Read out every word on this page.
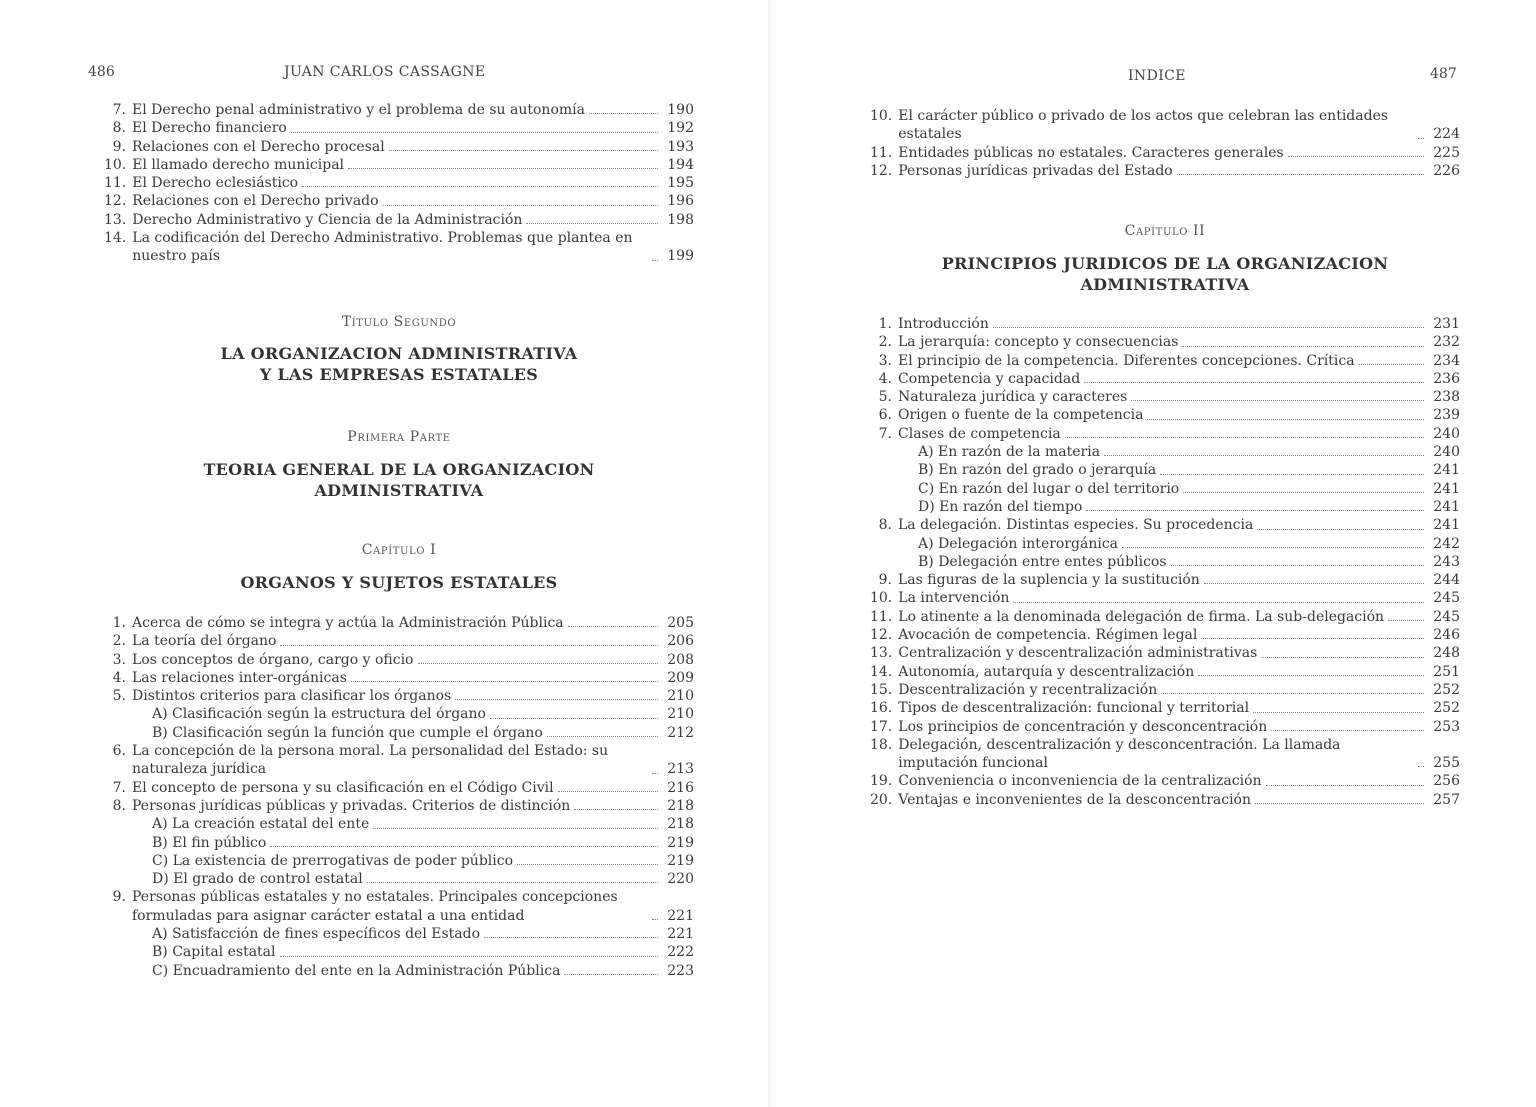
486	JUAN CARLOS CASSAGNE
7. El Derecho penal administrativo y el problema de su autonomía	190
8. El Derecho financiero	192
9. Relaciones con el Derecho procesal	193
10. El llamado derecho municipal	194
11. El Derecho eclesiástico	195
12. Relaciones con el Derecho privado	196
13. Derecho Administrativo y Ciencia de la Administración	198
14. La codificación del Derecho Administrativo. Problemas que plantea en nuestro país	199
Título Segundo
LA ORGANIZACION ADMINISTRATIVA
Y LAS EMPRESAS ESTATALES
Primera Parte
TEORIA GENERAL DE LA ORGANIZACION
ADMINISTRATIVA
Capítulo I
ORGANOS Y SUJETOS ESTATALES
1. Acerca de cómo se integra y actúa la Administración Pública	205
2. La teoría del órgano	206
3. Los conceptos de órgano, cargo y oficio	208
4. Las relaciones inter-orgánicas	209
5. Distintos criterios para clasificar los órganos	210
A) Clasificación según la estructura del órgano	210
B) Clasificación según la función que cumple el órgano	212
6. La concepción de la persona moral. La personalidad del Estado: su naturaleza jurídica	213
7. El concepto de persona y su clasificación en el Código Civil	216
8. Personas jurídicas públicas y privadas. Criterios de distinción	218
A) La creación estatal del ente	218
B) El fin público	219
C) La existencia de prerrogativas de poder público	219
D) El grado de control estatal	220
9. Personas públicas estatales y no estatales. Principales concepciones formuladas para asignar carácter estatal a una entidad	221
A) Satisfacción de fines específicos del Estado	221
B) Capital estatal	222
C) Encuadramiento del ente en la Administración Pública	223
INDICE	487
10. El carácter público o privado de los actos que celebran las entidades estatales	224
11. Entidades públicas no estatales. Caracteres generales	225
12. Personas jurídicas privadas del Estado	226
Capítulo II
PRINCIPIOS JURIDICOS DE LA ORGANIZACION
ADMINISTRATIVA
1. Introducción	231
2. La jerarquía: concepto y consecuencias	232
3. El principio de la competencia. Diferentes concepciones. Crítica	234
4. Competencia y capacidad	236
5. Naturaleza jurídica y caracteres	238
6. Origen o fuente de la competencia	239
7. Clases de competencia	240
A) En razón de la materia	240
B) En razón del grado o jerarquía	241
C) En razón del lugar o del territorio	241
D) En razón del tiempo	241
8. La delegación. Distintas especies. Su procedencia	241
A) Delegación interorgánica	242
B) Delegación entre entes públicos	243
9. Las figuras de la suplencia y la sustitución	244
10. La intervención	245
11. Lo atinente a la denominada delegación de firma. La sub-delegación	245
12. Avocación de competencia. Régimen legal	246
13. Centralización y descentralización administrativas	248
14. Autonomía, autarquía y descentralización	251
15. Descentralización y recentralización	252
16. Tipos de descentralización: funcional y territorial	252
17. Los principios de concentración y desconcentración	253
18. Delegación, descentralización y desconcentración. La llamada imputación funcional	255
19. Conveniencia o inconveniencia de la centralización	256
20. Ventajas e inconvenientes de la desconcentración	257
